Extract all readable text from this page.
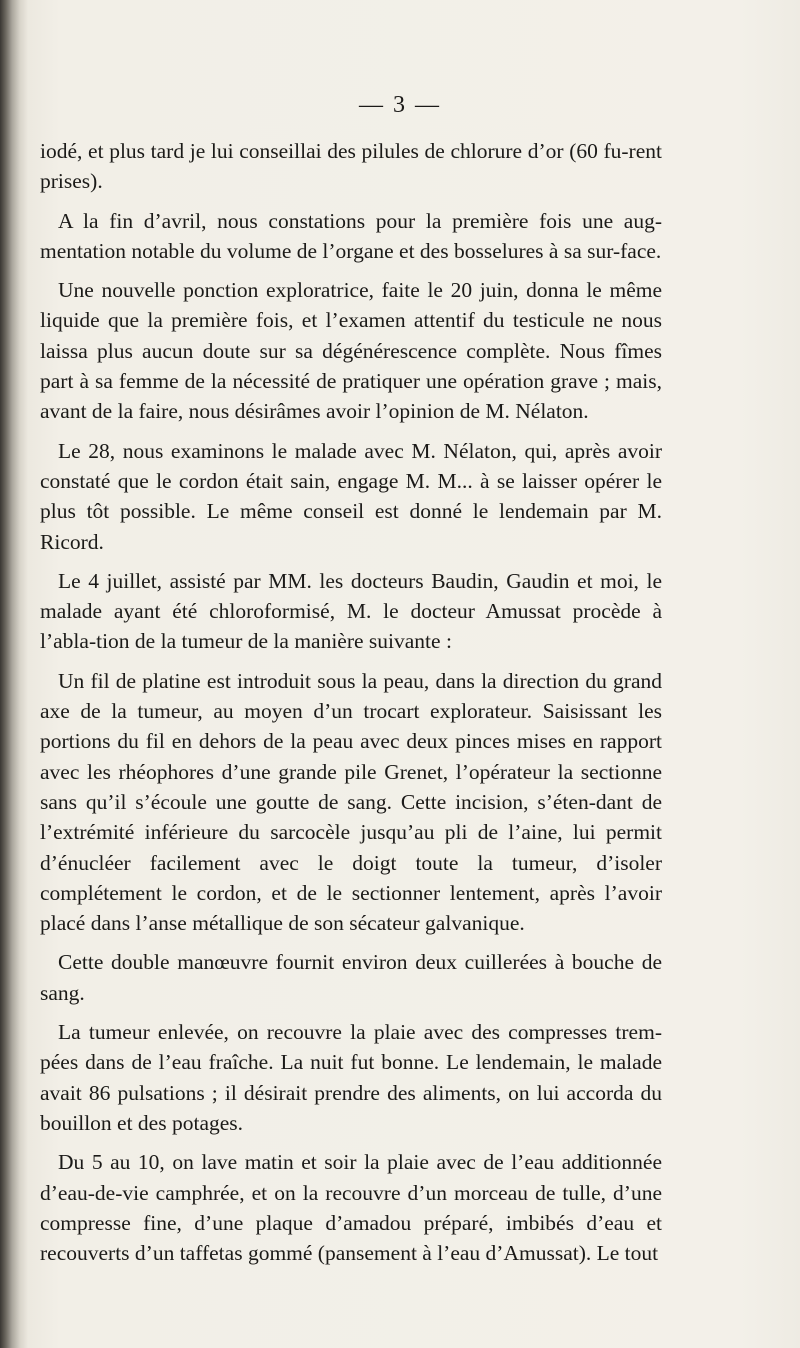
— 3 —

iodé, et plus tard je lui conseillai des pilules de chlorure d’or (60 fu-rent prises).

A la fin d’avril, nous constations pour la première fois une aug-mentation notable du volume de l’organe et des bosselures à sa sur-face.

Une nouvelle ponction exploratrice, faite le 20 juin, donna le même liquide que la première fois, et l’examen attentif du testicule ne nous laissa plus aucun doute sur sa dégénérescence complète. Nous fîmes part à sa femme de la nécessité de pratiquer une opération grave ; mais, avant de la faire, nous désirâmes avoir l’opinion de M. Nélaton.

Le 28, nous examinons le malade avec M. Nélaton, qui, après avoir constaté que le cordon était sain, engage M. M... à se laisser opérer le plus tôt possible. Le même conseil est donné le lendemain par M. Ricord.

Le 4 juillet, assisté par MM. les docteurs Baudin, Gaudin et moi, le malade ayant été chloroformisé, M. le docteur Amussat procède à l’abla-tion de la tumeur de la manière suivante :

Un fil de platine est introduit sous la peau, dans la direction du grand axe de la tumeur, au moyen d’un trocart explorateur. Saisissant les portions du fil en dehors de la peau avec deux pinces mises en rapport avec les rhéophores d’une grande pile Grenet, l’opérateur la sectionne sans qu’il s’écoule une goutte de sang. Cette incision, s’éten-dant de l’extrémité inférieure du sarcocèle jusqu’au pli de l’aine, lui permit d’énucléer facilement avec le doigt toute la tumeur, d’isoler complétement le cordon, et de le sectionner lentement, après l’avoir placé dans l’anse métallique de son sécateur galvanique.

Cette double manœuvre fournit environ deux cuillerées à bouche de sang.

La tumeur enlevée, on recouvre la plaie avec des compresses trem-pées dans de l’eau fraîche. La nuit fut bonne. Le lendemain, le malade avait 86 pulsations ; il désirait prendre des aliments, on lui accorda du bouillon et des potages.

Du 5 au 10, on lave matin et soir la plaie avec de l’eau additionnée d’eau-de-vie camphrée, et on la recouvre d’un morceau de tulle, d’une compresse fine, d’une plaque d’amadou préparé, imbibés d’eau et recouverts d’un taffetas gommé (pansement à l’eau d’Amussat). Le tout
